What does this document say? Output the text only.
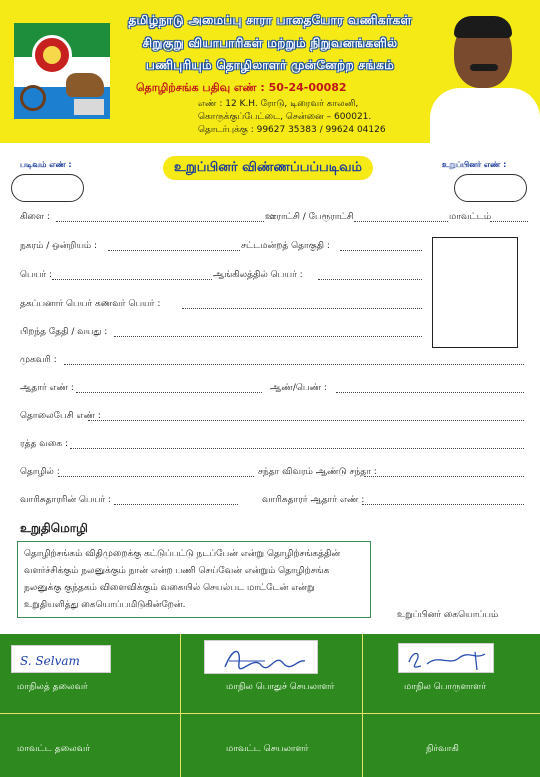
தமிழ்நாடு அமைப்பு சாரா பாதையோர வணிகர்கள்
சிறுகுறு வியாபாரிகள் மற்றும் நிறுவனங்களில்
பணிபுரியும் தொழிலாளர் முன்னேற்ற சங்கம்
தொழிற்சங்க பதிவு எண் : 50-24-00082
எண் : 12 K.H. ரோடு, டிரைவர் காலனி,
கொருக்குப்பேட்டை, சென்னை – 600021.
தொடர்புக்கு : 99627 35383 / 99624 04126
படிவம் எண் :	உறுப்பினர் விண்ணப்பப்படிவம்	உறுப்பினர் எண் :
கிளை :	ஊராட்சி / பேரூராட்சி	மாவட்டம்
நகரம் / ஒன்றியம் :	சட்டமன்றத் தொகுதி :
பெயர் :	ஆங்கிலத்தில் பெயர் :
தகப்பனார் பெயர் கணவர் பெயர் :
பிறந்த தேதி / வயது :
முகவரி :
ஆதார் எண் :	ஆண்/பெண் :
தொலைபேசி எண் :
ரத்த வகை :
தொழில் :	சந்தா விவரம் ஆண்டு சந்தா :
வாரிசுதாரரின் பெயர் :	வாரிசுதாரர் ஆதார் எண் :
உறுதிமொழி
தொழிற்சங்கம் விதிமுறைக்கு கட்டுப்பட்டு நடப்பேன் என்று தொழிற்சங்கத்தின்
வளர்ச்சிக்கும் நலனுக்கும் நான் என்ற பணி செய்வேன் என்றும் தொழிற்சங்க
நலனுக்கு குந்தகம் விளைவிக்கும் வகையில் செயல்பட மாட்டேன் என்று
உறுதியளித்து கையொப்பமிடுகின்றேன்.
உறுப்பினர் கையொப்பம்
S. Selvam
மாநிலத் தலைவர்	மாநில பொதுச் செயலாளர்	மாநில பொருளாளர்
மாவட்ட தலைவர்	மாவட்ட செயலாளர்	நிர்வாகி
